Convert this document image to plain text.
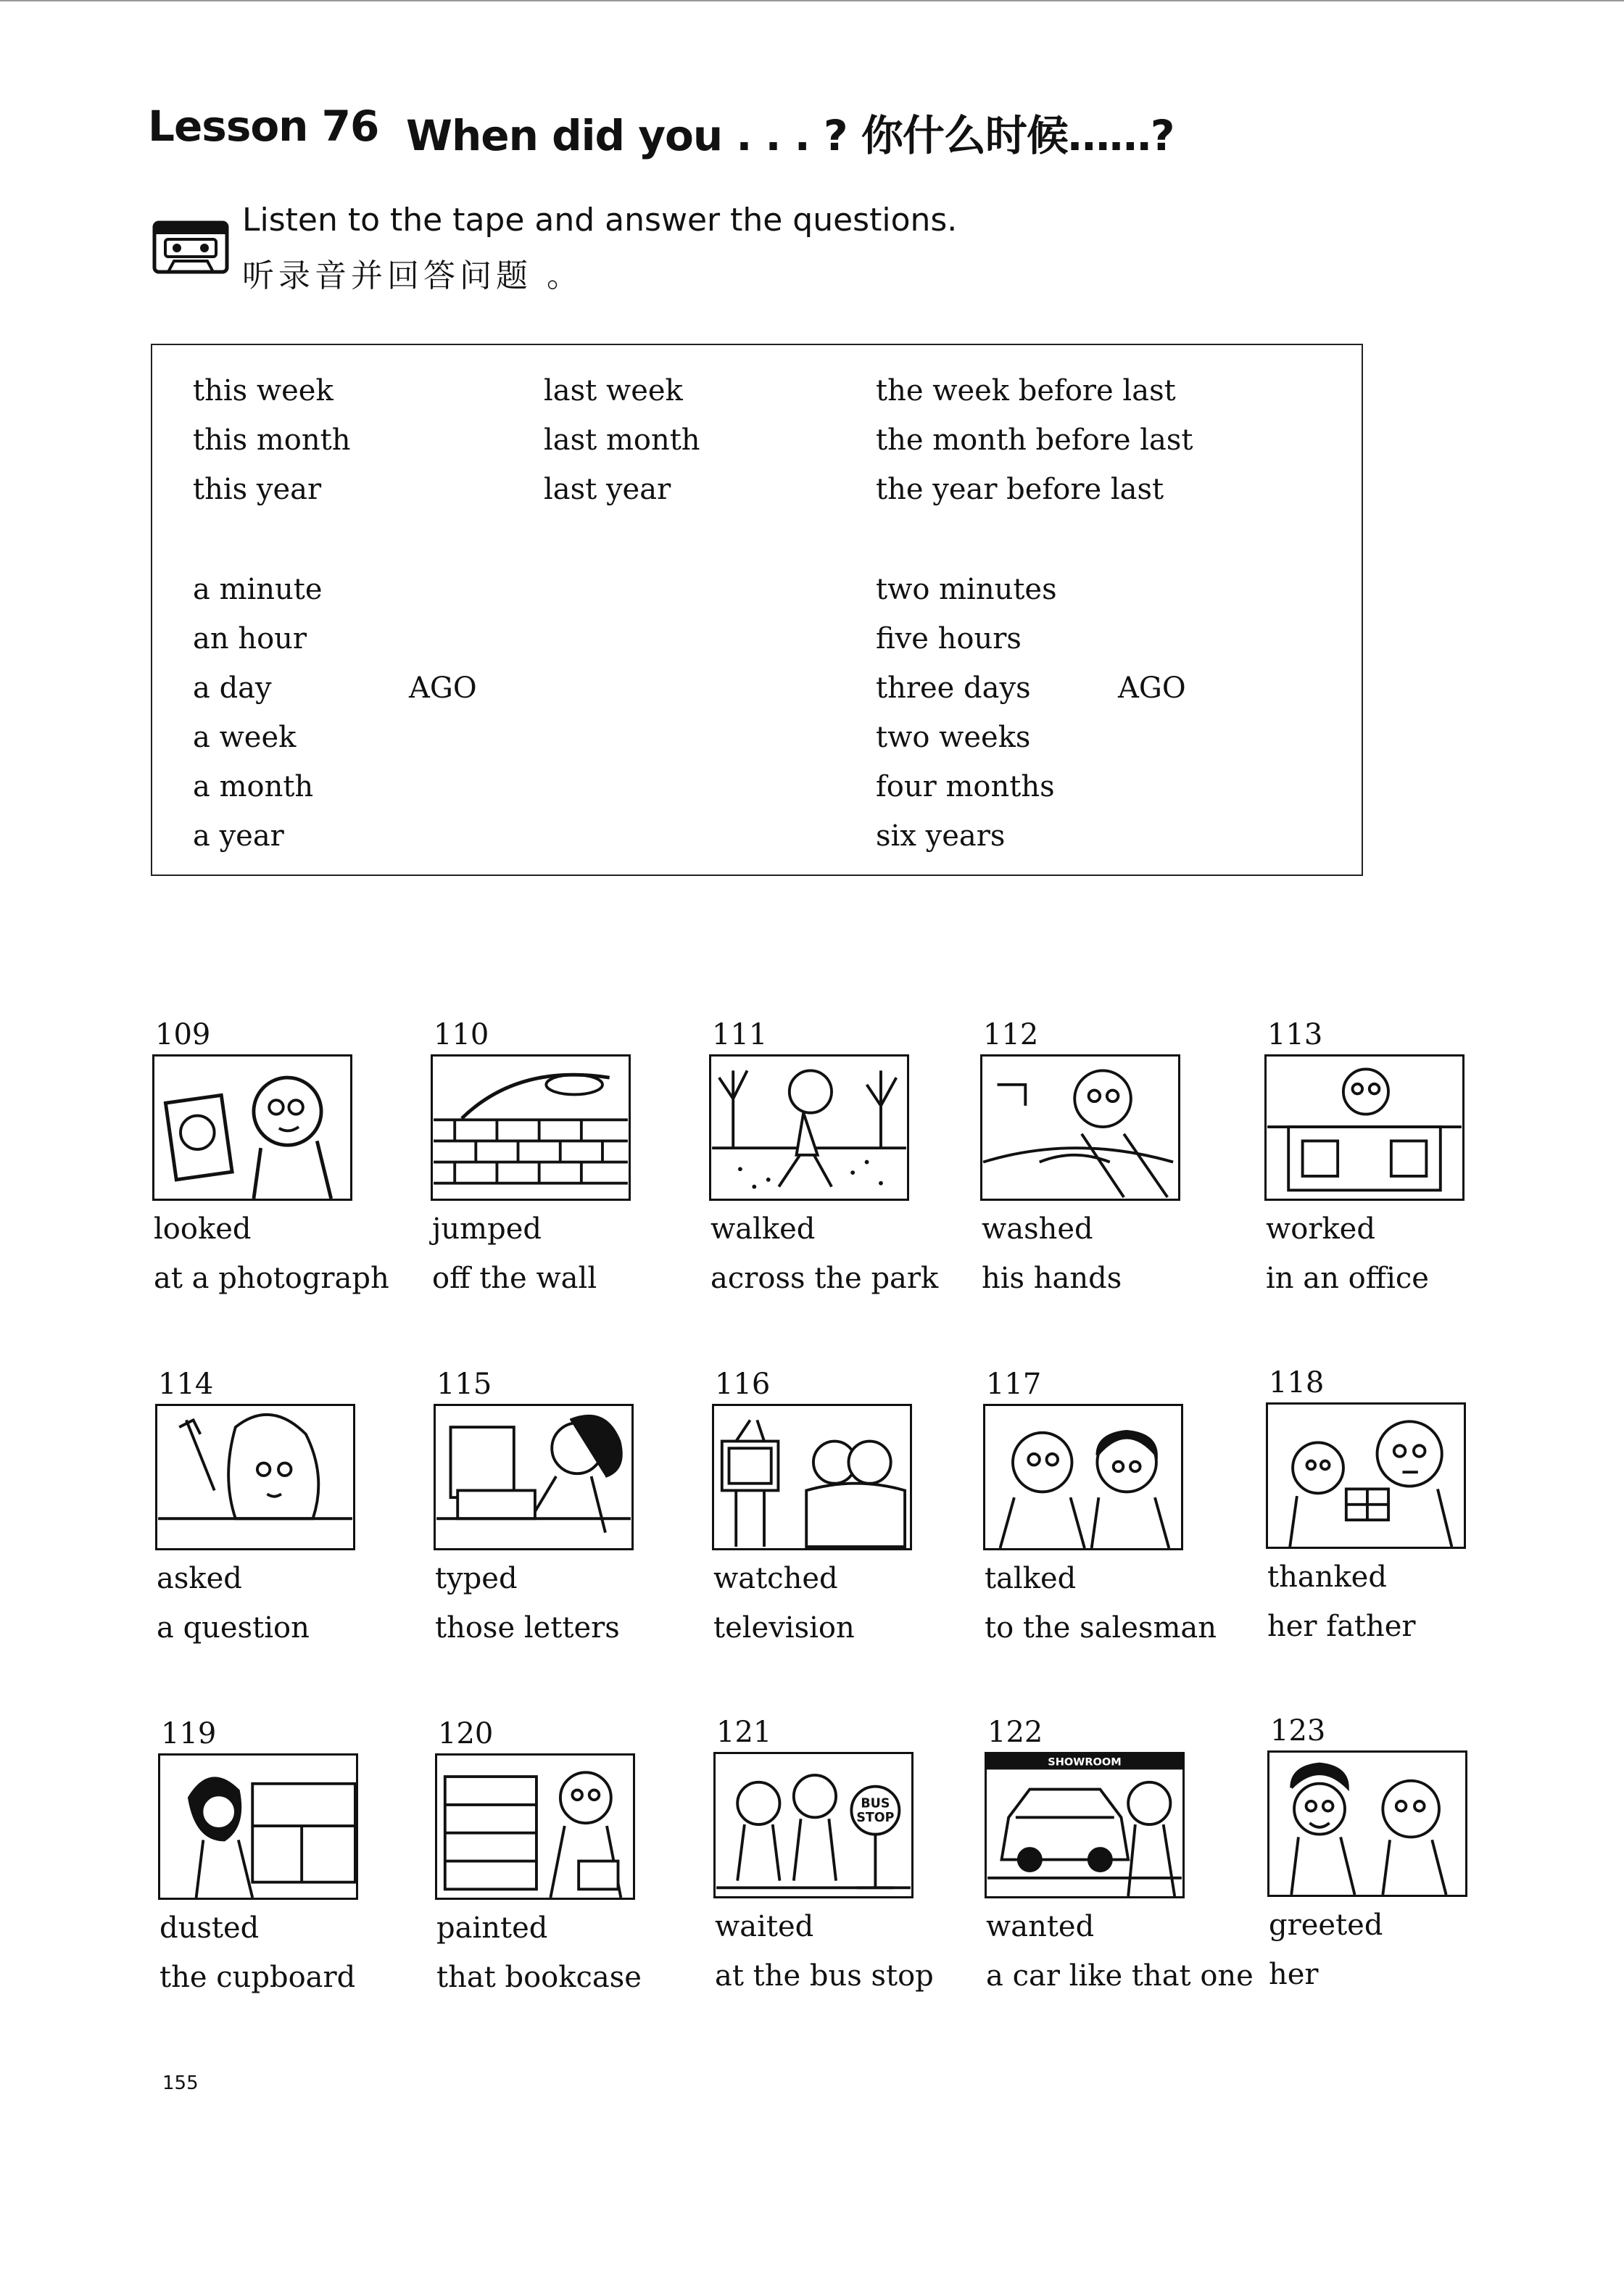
Lesson 76 When did you . . . ? 你什么时候……?
Listen to the tape and answer the questions.
听录音并回答问题 。
this week
this month
this year
last week
last month
last year
the week before last
the month before last
the year before last
a minute
an hour
a day
a week
a month
a year
AGO
two minutes
five hours
three days
two weeks
four months
six years
AGO
109
looked
at a photograph
110
jumped
off the wall
111
walked
across the park
112
washed
his hands
113
worked
in an office
114
asked
a question
115
typed
those letters
116
watched
television
117
talked
to the salesman
118
thanked
her father
119
dusted
the cupboard
120
painted
that bookcase
121
BUS
STOP
waited
at the bus stop
122
SHOWROOM
wanted
a car like that one
123
greeted
her
155
